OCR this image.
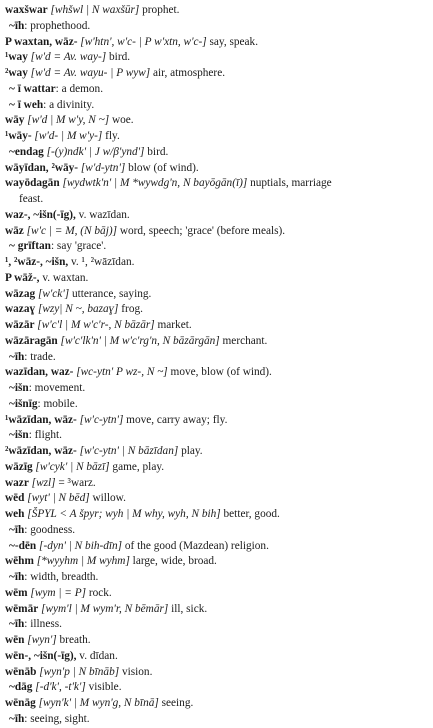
waxšwar [whšwl | N waxšūr] prophet.
~īh: prophethood.
P waxtan, wāz- [w'htn', w'c- | P w'xtn, w'c-] say, speak.
¹way [w'd = Av. way-] bird.
²way [w'd = Av. wayu- | P wyw] air, atmosphere.
~ ī wattar: a demon.
~ ī weh: a divinity.
wāy [w'd | M w'y, N ~] woe.
¹wāy- [w'd- | M w'y-] fly.
~endag [-(y)ndk' | J w/β'ynd'] bird.
wāyīdan, ²wāy- [w'd-ytn'] blow (of wind).
wayōdagān [wydwtk'n' | M *wywdg'n, N bayōgān(ī)] nuptials, marriage
feast.
waz-, ~išn(-īg), v. wazīdan.
wāz [w'c | = M, (N bāj)] word, speech; 'grace' (before meals).
~ grīftan: say 'grace'.
¹, ²wāz-, ~išn, v. ¹, ²wāzīdan.
P wāž-, v. waxtan.
wāzag [w'ck'] utterance, saying.
wazaɣ [wzy| N ~, bazaɣ] frog.
wāzār [w'c'l | M w'c'r-, N bāzār] market.
wāzāragān [w'c'lk'n' | M w'c'rg'n, N bāzārgān] merchant.
~īh: trade.
wazīdan, waz- [wc-ytn' P wz-, N ~] move, blow (of wind).
~išn: movement.
~išnīg: mobile.
¹wāzīdan, wāz- [w'c-ytn'] move, carry away; fly.
~išn: flight.
²wāzīdan, wāz- [w'c-ytn' | N bāzīdan] play.
wāzīg [w'cyk' | N bāzī] game, play.
wazr [wzl] = ³warz.
wēd [wyt' | N bēd] willow.
weh [ŠPYL < A špyr; wyh | M why, wyh, N bih] better, good.
~īh: goodness.
~-dēn [-dyn' | N bih-dīn] of the good (Mazdean) religion.
wēhm [*wyyhm | M wyhm] large, wide, broad.
~īh: width, breadth.
wēm [wym | = P] rock.
wēmār [wym'l | M wym'r, N bēmār] ill, sick.
~īh: illness.
wēn [wyn'] breath.
wēn-, ~išn(-īg), v. dīdan.
wēnāb [wyn'p | N bīnāb] vision.
~dāg [-d'k', -t'k'] visible.
wēnāg [wyn'k' | M wyn'g, N bīnā] seeing.
~īh: seeing, sight.
